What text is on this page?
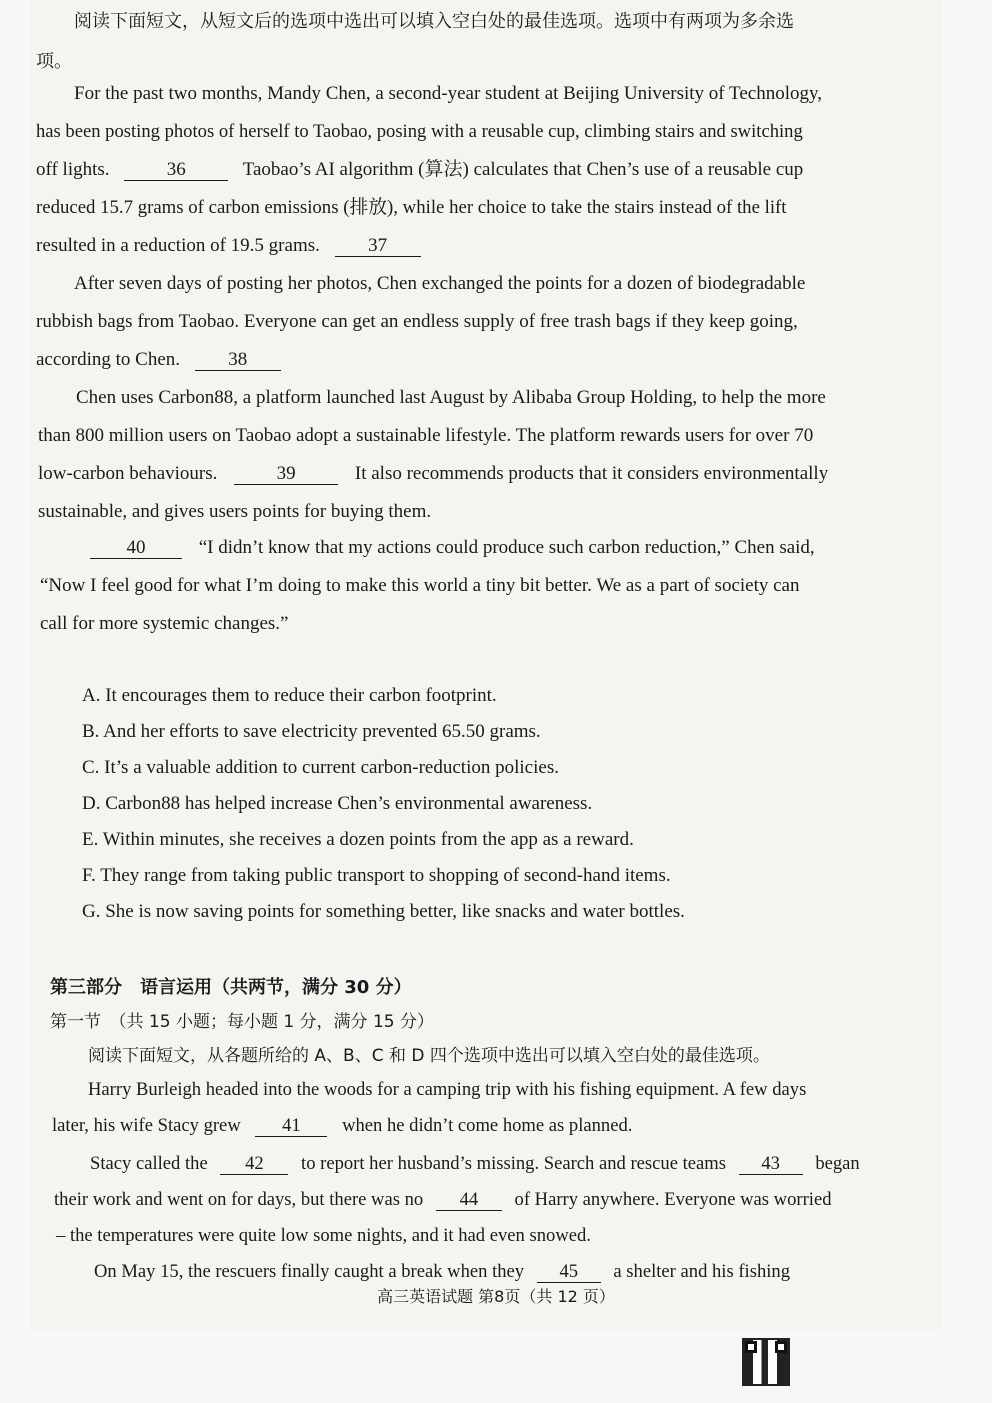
阅读下面短文，从短文后的选项中选出可以填入空白处的最佳选项。选项中有两项为多余选
项。
For the past two months, Mandy Chen, a second-year student at Beijing University of Technology,
has been posting photos of herself to Taobao, posing with a reusable cup, climbing stairs and switching
off lights.	36	Taobao’s AI algorithm (算法) calculates that Chen’s use of a reusable cup
reduced 15.7 grams of carbon emissions (排放), while her choice to take the stairs instead of the lift
resulted in a reduction of 19.5 grams.	37
After seven days of posting her photos, Chen exchanged the points for a dozen of biodegradable
rubbish bags from Taobao. Everyone can get an endless supply of free trash bags if they keep going,
according to Chen.	38
Chen uses Carbon88, a platform launched last August by Alibaba Group Holding, to help the more
than 800 million users on Taobao adopt a sustainable lifestyle. The platform rewards users for over 70
low-carbon behaviours.	39	It also recommends products that it considers environmentally
sustainable, and gives users points for buying them.
40	“I didn’t know that my actions could produce such carbon reduction,” Chen said,
“Now I feel good for what I’m doing to make this world a tiny bit better. We as a part of society can
call for more systemic changes.”
A. It encourages them to reduce their carbon footprint.
B. And her efforts to save electricity prevented 65.50 grams.
C. It’s a valuable addition to current carbon-reduction policies.
D. Carbon88 has helped increase Chen’s environmental awareness.
E. Within minutes, she receives a dozen points from the app as a reward.
F. They range from taking public transport to shopping of second-hand items.
G. She is now saving points for something better, like snacks and water bottles.
第三部分　语言运用（共两节，满分 30 分）
第一节　（共 15 小题；每小题 1 分，满分 15 分）
阅读下面短文，从各题所给的 A、B、C 和 D 四个选项中选出可以填入空白处的最佳选项。
Harry Burleigh headed into the woods for a camping trip with his fishing equipment. A few days
later, his wife Stacy grew 41 when he didn’t come home as planned.
Stacy called the 42 to report her husband’s missing. Search and rescue teams 43 began
their work and went on for days, but there was no 44 of Harry anywhere. Everyone was worried
– the temperatures were quite low some nights, and it had even snowed.
On May 15, the rescuers finally caught a break when they 45 a shelter and his fishing
高三英语试题 第8页（共 12 页）
